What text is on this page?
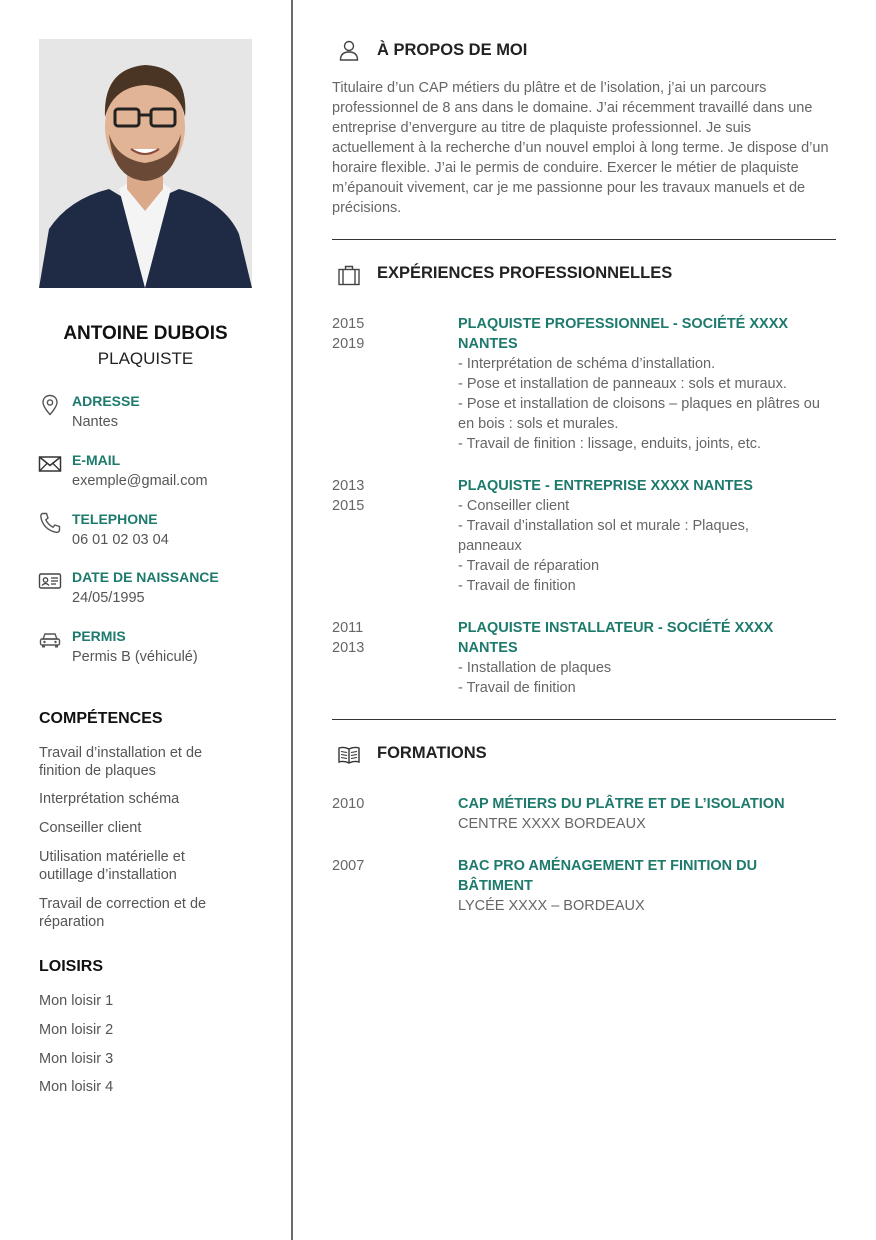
ANTOINE DUBOIS
PLAQUISTE
ADRESSE
Nantes
E-MAIL
exemple@gmail.com
TELEPHONE
06 01 02 03 04
DATE DE NAISSANCE
24/05/1995
PERMIS
Permis B (véhiculé)
COMPÉTENCES
Travail d’installation et de finition de plaques
Interprétation schéma
Conseiller client
Utilisation matérielle et outillage d’installation
Travail de correction et de réparation
LOISIRS
Mon loisir 1
Mon loisir 2
Mon loisir 3
Mon loisir 4
À PROPOS DE MOI
Titulaire d’un CAP métiers du plâtre et de l’isolation, j’ai un parcours professionnel de 8 ans dans le domaine. J’ai récemment travaillé dans une entreprise d’envergure au titre de plaquiste professionnel. Je suis actuellement à la recherche d’un nouvel emploi à long terme. Je dispose d’un horaire flexible. J’ai le permis de conduire. Exercer le métier de plaquiste m’épanouit vivement, car je me passionne pour les travaux manuels et de précisions.
EXPÉRIENCES PROFESSIONNELLES
2015
2019
PLAQUISTE PROFESSIONNEL - SOCIÉTÉ XXXX NANTES
- Interprétation de schéma d’installation.
- Pose et installation de panneaux : sols et muraux.
- Pose et installation de cloisons – plaques en plâtres ou en bois : sols et murales.
- Travail de finition : lissage, enduits, joints, etc.
2013
2015
PLAQUISTE - ENTREPRISE XXXX NANTES
- Conseiller client
- Travail d’installation sol et murale : Plaques, panneaux
- Travail de réparation
- Travail de finition
2011
2013
PLAQUISTE INSTALLATEUR - SOCIÉTÉ XXXX NANTES
- Installation de plaques
- Travail de finition
FORMATIONS
2010	CAP MÉTIERS DU PLÂTRE ET DE L’ISOLATION
CENTRE XXXX BORDEAUX
2007	BAC PRO AMÉNAGEMENT ET FINITION DU BÂTIMENT
LYCÉE XXXX – BORDEAUX
